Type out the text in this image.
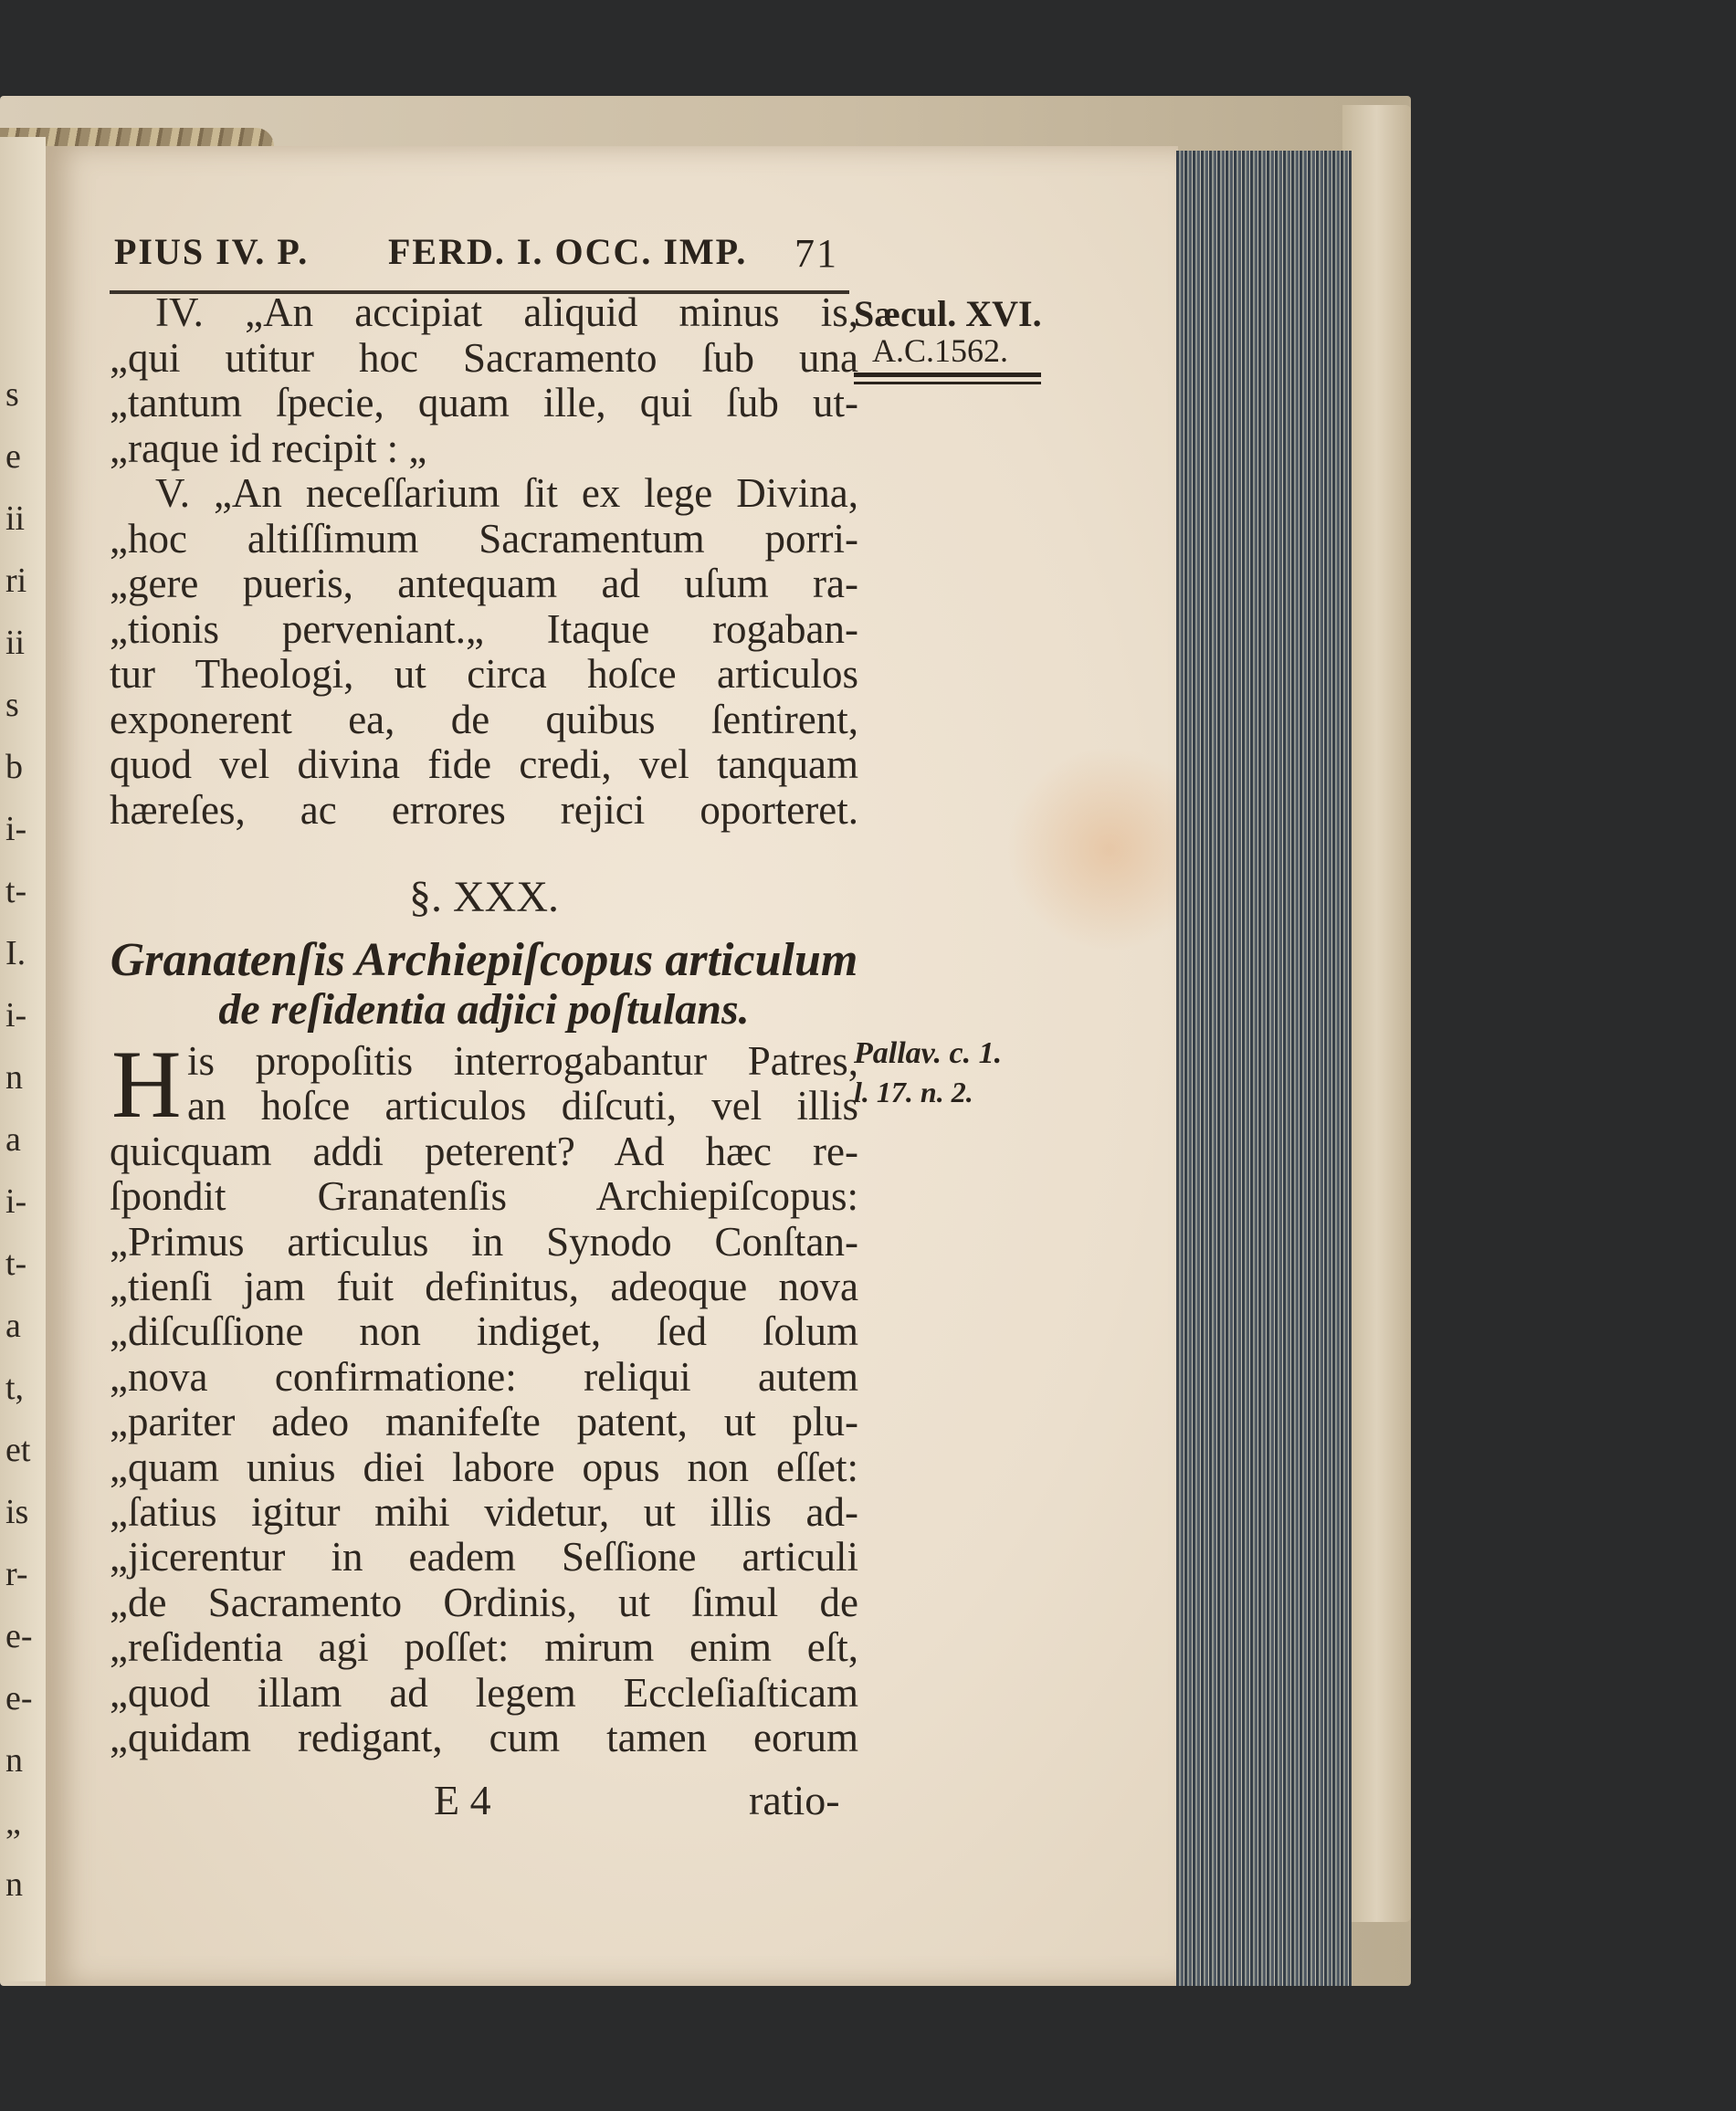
s
e
ii
ri
ii
s
b
i-
t-
I.
i-
n
a
i-
t-
a
t,
et
is
r-
e-
e-
n
„
n
PIUS IV. P. FERD. I. OCC. IMP. 71
Sæcul. XVI.
A.C.1562.
IV. „An accipiat aliquid minus is,
„qui utitur hoc Sacramento ſub una
„tantum ſpecie, quam ille, qui ſub ut-
„raque id recipit : „
V. „An neceſſarium ſit ex lege Divina,
„hoc altiſſimum Sacramentum porri-
„gere pueris, antequam ad uſum ra-
„tionis perveniant.„ Itaque rogaban-
tur Theologi, ut circa hoſce articulos
exponerent ea, de quibus ſentirent,
quod vel divina fide credi, vel tanquam
hæreſes, ac errores rejici oporteret.
§. XXX.
Granatenſis Archiepiſcopus articulum
de reſidentia adjici poſtulans.
H	Pallav. c. 1.
l. 17. n. 2.
is propoſitis interrogabantur Patres,
an hoſce articulos diſcuti, vel illis
quicquam addi peterent? Ad hæc re-
ſpondit Granatenſis Archiepiſcopus:
„Primus articulus in Synodo Conſtan-
„tienſi jam fuit definitus, adeoque nova
„diſcuſſione non indiget, ſed ſolum
„nova confirmatione: reliqui autem
„pariter adeo manifeſte patent, ut plu-
„quam unius diei labore opus non eſſet:
„ſatius igitur mihi videtur, ut illis ad-
„jicerentur in eadem Seſſione articuli
„de Sacramento Ordinis, ut ſimul de
„reſidentia agi poſſet: mirum enim eſt,
„quod illam ad legem Eccleſiaſticam
„quidam redigant, cum tamen eorum
E 4	ratio-
